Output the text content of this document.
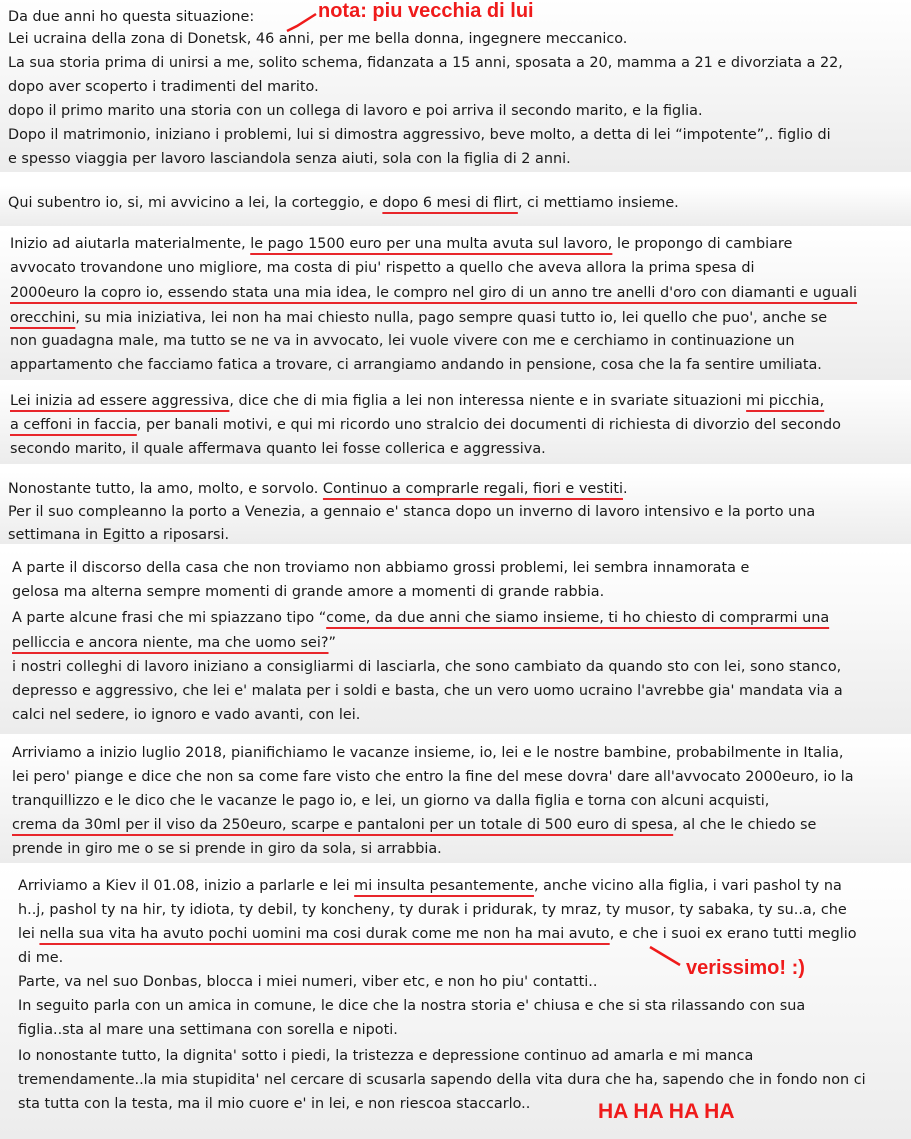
Da due anni ho questa situazione:
Lei ucraina della zona di Donetsk, 46 anni, per me bella donna, ingegnere meccanico.
La sua storia prima di unirsi a me, solito schema, fidanzata a 15 anni, sposata a 20, mamma a 21 e divorziata a 22,
dopo aver scoperto i tradimenti del marito.
dopo il primo marito una storia con un collega di lavoro e poi arriva il secondo marito, e la figlia.
Dopo il matrimonio, iniziano i problemi, lui si dimostra aggressivo, beve molto, a detta di lei “impotente”,. figlio di
e spesso viaggia per lavoro lasciandola senza aiuti, sola con la figlia di 2 anni.
Qui subentro io, si, mi avvicino a lei, la corteggio, e dopo 6 mesi di flirt, ci mettiamo insieme.
Inizio ad aiutarla materialmente, le pago 1500 euro per una multa avuta sul lavoro, le propongo di cambiare
avvocato trovandone uno migliore, ma costa di piu' rispetto a quello che aveva allora la prima spesa di
2000euro la copro io, essendo stata una mia idea, le compro nel giro di un anno tre anelli d'oro con diamanti e uguali
orecchini, su mia iniziativa, lei non ha mai chiesto nulla, pago sempre quasi tutto io, lei quello che puo', anche se
non guadagna male, ma tutto se ne va in avvocato, lei vuole vivere con me e cerchiamo in continuazione un
appartamento che facciamo fatica a trovare, ci arrangiamo andando in pensione, cosa che la fa sentire umiliata.
Lei inizia ad essere aggressiva, dice che di mia figlia a lei non interessa niente e in svariate situazioni mi picchia,
a ceffoni in faccia, per banali motivi, e qui mi ricordo uno stralcio dei documenti di richiesta di divorzio del secondo
secondo marito, il quale affermava quanto lei fosse collerica e aggressiva.
Nonostante tutto, la amo, molto, e sorvolo. Continuo a comprarle regali, fiori e vestiti.
Per il suo compleanno la porto a Venezia, a gennaio e' stanca dopo un inverno di lavoro intensivo e la porto una
settimana in Egitto a riposarsi.
A parte il discorso della casa che non troviamo non abbiamo grossi problemi, lei sembra innamorata e
gelosa ma alterna sempre momenti di grande amore a momenti di grande rabbia.
A parte alcune frasi che mi spiazzano tipo “come, da due anni che siamo insieme, ti ho chiesto di comprarmi una
pelliccia e ancora niente, ma che uomo sei?”
i nostri colleghi di lavoro iniziano a consigliarmi di lasciarla, che sono cambiato da quando sto con lei, sono stanco,
depresso e aggressivo, che lei e' malata per i soldi e basta, che un vero uomo ucraino l'avrebbe gia' mandata via a
calci nel sedere, io ignoro e vado avanti, con lei.
Arriviamo a inizio luglio 2018, pianifichiamo le vacanze insieme, io, lei e le nostre bambine, probabilmente in Italia,
lei pero' piange e dice che non sa come fare visto che entro la fine del mese dovra' dare all'avvocato 2000euro, io la
tranquillizzo e le dico che le vacanze le pago io, e lei, un giorno va dalla figlia e torna con alcuni acquisti,
crema da 30ml per il viso da 250euro, scarpe e pantaloni per un totale di 500 euro di spesa, al che le chiedo se
prende in giro me o se si prende in giro da sola, si arrabbia.
Arriviamo a Kiev il 01.08, inizio a parlarle e lei mi insulta pesantemente, anche vicino alla figlia, i vari pashol ty na
h..j, pashol ty na hir, ty idiota, ty debil, ty koncheny, ty durak i pridurak, ty mraz, ty musor, ty sabaka, ty su..a, che
lei nella sua vita ha avuto pochi uomini ma cosi durak come me non ha mai avuto, e che i suoi ex erano tutti meglio
di me.
Parte, va nel suo Donbas, blocca i miei numeri, viber etc, e non ho piu' contatti..
In seguito parla con un amica in comune, le dice che la nostra storia e' chiusa e che si sta rilassando con sua
figlia..sta al mare una settimana con sorella e nipoti.
Io nonostante tutto, la dignita' sotto i piedi, la tristezza e depressione continuo ad amarla e mi manca
tremendamente..la mia stupidita' nel cercare di scusarla sapendo della vita dura che ha, sapendo che in fondo non ci
sta tutta con la testa, ma il mio cuore e' in lei, e non riescoa staccarlo..
nota: piu vecchia di lui
verissimo! :)
HA HA HA HA
